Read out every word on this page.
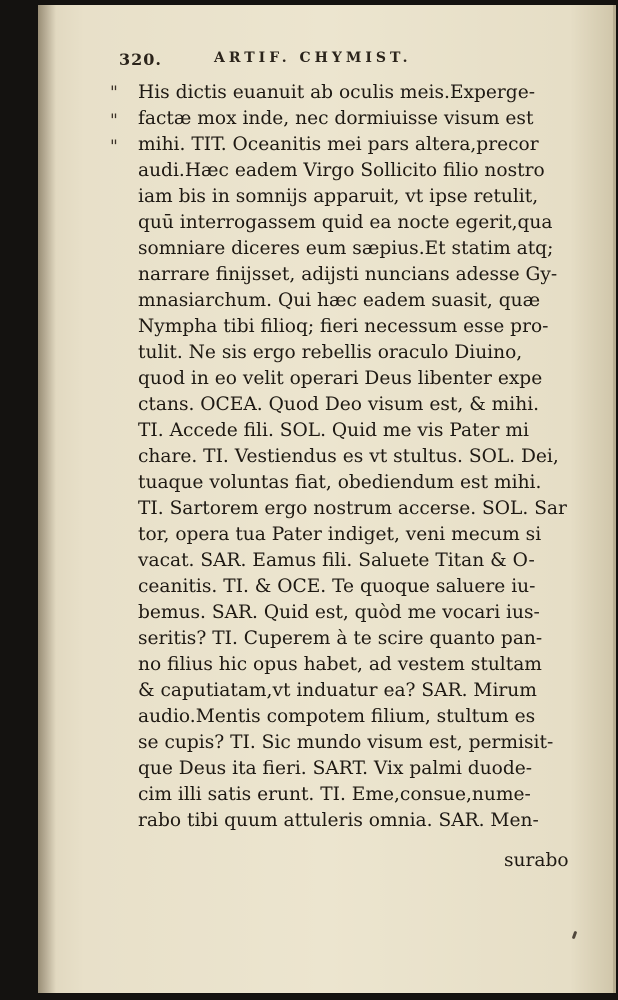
320.	ARTIF. CHYMIST.
"
"
"
His dictis euanuit ab oculis meis.Experge-
factæ mox inde, nec dormiuisse visum est
mihi. TIT. Oceanitis mei pars altera,precor
audi.Hæc eadem Virgo Sollicito filio nostro
iam bis in somnijs apparuit, vt ipse retulit,
quū interrogassem quid ea nocte egerit,qua
somniare diceres eum sæpius.Et statim atq;
narrare finijsset, adijsti nuncians adesse Gy-
mnasiarchum. Qui hæc eadem suasit, quæ
Nympha tibi filioq; fieri necessum esse pro-
tulit. Ne sis ergo rebellis oraculo Diuino,
quod in eo velit operari Deus libenter expe
ctans. OCEA. Quod Deo visum est, & mihi.
TI. Accede fili. SOL. Quid me vis Pater mi
chare. TI. Vestiendus es vt stultus. SOL. Dei,
tuaque voluntas fiat, obediendum est mihi.
TI. Sartorem ergo nostrum accerse. SOL. Sar
tor, opera tua Pater indiget, veni mecum si
vacat. SAR. Eamus fili. Saluete Titan & O-
ceanitis. TI. & OCE. Te quoque saluere iu-
bemus. SAR. Quid est, quòd me vocari ius-
seritis? TI. Cuperem à te scire quanto pan-
no filius hic opus habet, ad vestem stultam
& caputiatam,vt induatur ea? SAR. Mirum
audio.Mentis compotem filium, stultum es
se cupis? TI. Sic mundo visum est, permisit-
que Deus ita fieri. SART. Vix palmi duode-
cim illi satis erunt. TI. Eme,consue,nume-
rabo tibi quum attuleris omnia. SAR. Men-
surabo
